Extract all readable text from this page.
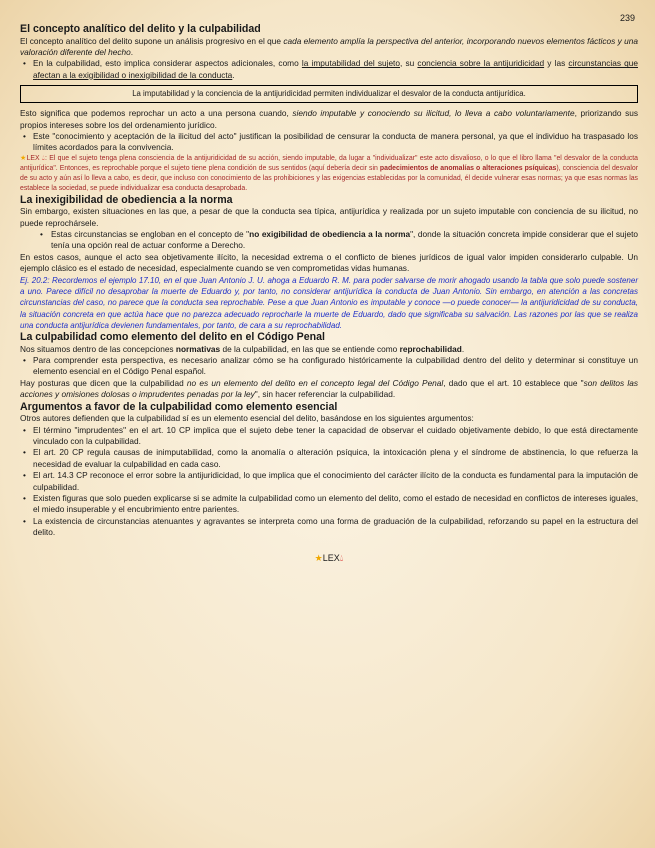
239
El concepto analítico del delito y la culpabilidad

El concepto analítico del delito supone un análisis progresivo en el que cada elemento amplía la perspectiva del anterior, incorporando nuevos elementos fácticos y una valoración diferente del hecho.

• En la culpabilidad, esto implica considerar aspectos adicionales, como la imputabilidad del sujeto, su conciencia sobre la antijuridicidad y las circunstancias que afectan a la exigibilidad o inexigibilidad de la conducta.

La imputabilidad y la conciencia de la antijuridicidad permiten individualizar el desvalor de la conducta antijurídica.

Esto significa que podemos reprochar un acto a una persona cuando, siendo imputable y conociendo su ilicitud, lo lleva a cabo voluntariamente, priorizando sus propios intereses sobre los del ordenamiento jurídico.

• Este "conocimiento y aceptación de la ilicitud del acto" justifican la posibilidad de censurar la conducta de manera personal, ya que el individuo ha traspasado los límites acordados para la convivencia.

★LEX 💧︎: El que el sujeto tenga plena consciencia de la antijuridicidad de su acción, siendo imputable, da lugar a "individualizar" este acto disvalioso, o lo que el libro llama "el desvalor de la conducta antijurídica". Entonces, es reprochable porque el sujeto tiene plena condición de sus sentidos (aquí debería decir sin padecimientos de anomalías o alteraciones psíquicas), consciencia del desvalor de su acto y aún así lo lleva a cabo, es decir, que incluso con conocimiento de las prohibiciones y las exigencias establecidas por la comunidad, él decide vulnerar esas normas; ya que esas normas las establece la sociedad, se puede individualizar esa conducta desaprobada.

La inexigibilidad de obediencia a la norma

Sin embargo, existen situaciones en las que, a pesar de que la conducta sea típica, antijurídica y realizada por un sujeto imputable con conciencia de su ilicitud, no puede reprochársele.

• Estas circunstancias se engloban en el concepto de "no exigibilidad de obediencia a la norma", donde la situación concreta impide considerar que el sujeto tenía una opción real de actuar conforme a Derecho.

En estos casos, aunque el acto sea objetivamente ilícito, la necesidad extrema o el conflicto de bienes jurídicos de igual valor impiden considerarlo culpable. Un ejemplo clásico es el estado de necesidad, especialmente cuando se ven comprometidas vidas humanas.

Ej. 20.2: Recordemos el ejemplo 17.10, en el que Juan Antonio J. U. ahoga a Eduardo R. M. para poder salvarse de morir ahogado usando la tabla que solo puede sostener a uno. Parece difícil no desaprobar la muerte de Eduardo y, por tanto, no considerar antijurídica la conducta de Juan Antonio. Sin embargo, en atención a las concretas circunstancias del caso, no parece que la conducta sea reprochable. Pese a que Juan Antonio es imputable y conoce —o puede conocer— la antijuridicidad de su conducta, la situación concreta en que actúa hace que no parezca adecuado reprocharle la muerte de Eduardo, dado que significaba su salvación. Las razones por las que se realiza una conducta antijurídica devienen fundamentales, por tanto, de cara a su reprochabilidad.

La culpabilidad como elemento del delito en el Código Penal

Nos situamos dentro de las concepciones normativas de la culpabilidad, en las que se entiende como reprochabilidad.

• Para comprender esta perspectiva, es necesario analizar cómo se ha configurado históricamente la culpabilidad dentro del delito y determinar si constituye un elemento esencial en el Código Penal español.

Hay posturas que dicen que la culpabilidad no es un elemento del delito en el concepto legal del Código Penal, dado que el art. 10 establece que "son delitos las acciones y omisiones dolosas o imprudentes penadas por la ley", sin hacer referenciar la culpabilidad.

Argumentos a favor de la culpabilidad como elemento esencial

Otros autores defienden que la culpabilidad sí es un elemento esencial del delito, basándose en los siguientes argumentos:

• El término "imprudentes" en el art. 10 CP implica que el sujeto debe tener la capacidad de observar el cuidado objetivamente debido, lo que está directamente vinculado con la culpabilidad.

• El art. 20 CP regula causas de inimputabilidad, como la anomalía o alteración psíquica, la intoxicación plena y el síndrome de abstinencia, lo que refuerza la necesidad de evaluar la culpabilidad en cada caso.

• El art. 14.3 CP reconoce el error sobre la antijuridicidad, lo que implica que el conocimiento del carácter ilícito de la conducta es fundamental para la imputación de culpabilidad.

• Existen figuras que solo pueden explicarse si se admite la culpabilidad como un elemento del delito, como el estado de necesidad en conflictos de intereses iguales, el miedo insuperable y el encubrimiento entre parientes.

• La existencia de circunstancias atenuantes y agravantes se interpreta como una forma de graduación de la culpabilidad, reforzando su papel en la estructura del delito.

★LEX💧︎
